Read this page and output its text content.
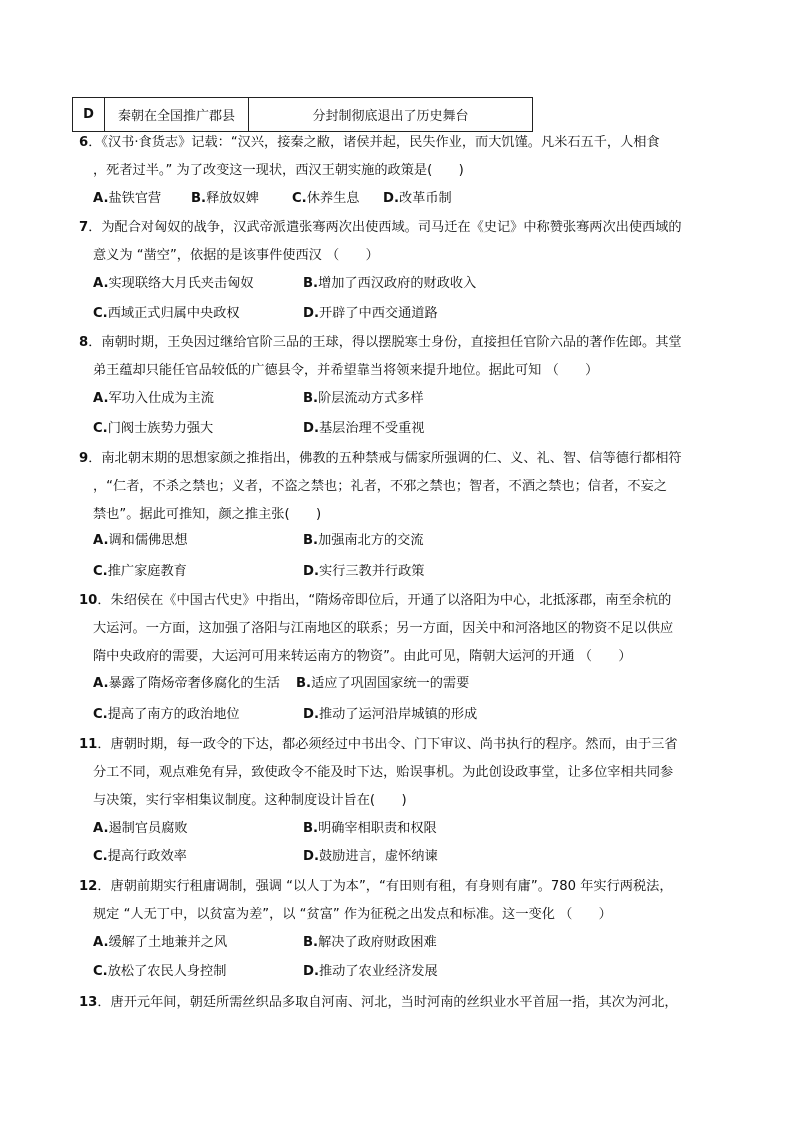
D	秦朝在全国推广郡县	分封制彻底退出了历史舞台
6．《汉书·食货志》记载：“汉兴，接秦之敝，诸侯并起，民失作业，而大饥馑。凡米石五千，人相食
，死者过半。” 为了改变这一现状，西汉王朝实施的政策是(　　)
A.盐铁官营 B.释放奴婢	C.休养生息 D.改革币制
7．为配合对匈奴的战争，汉武帝派遣张骞两次出使西域。司马迁在《史记》中称赞张骞两次出使西域的
意义为 “凿空”，依据的是该事件使西汉 （　　）
A.实现联络大月氏夹击匈奴	B.增加了西汉政府的财政收入
C.西域正式归属中央政权	D.开辟了中西交通道路
8．南朝时期，王奂因过继给官阶三品的王球，得以摆脱寒士身份，直接担任官阶六品的著作佐郎。其堂
弟王蕴却只能任官品较低的广德县令，并希望靠当将领来提升地位。据此可知 （　　）
A.军功入仕成为主流	B.阶层流动方式多样
C.门阀士族势力强大	D.基层治理不受重视
9．南北朝末期的思想家颜之推指出，佛教的五种禁戒与儒家所强调的仁、义、礼、智、信等德行都相符
，“仁者，不杀之禁也；义者，不盗之禁也；礼者，不邪之禁也；智者，不酒之禁也；信者，不妄之
禁也”。据此可推知，颜之推主张(　　)
A.调和儒佛思想	B.加强南北方的交流
C.推广家庭教育	D.实行三教并行政策
10．朱绍侯在《中国古代史》中指出，“隋炀帝即位后，开通了以洛阳为中心，北抵涿郡，南至余杭的
大运河。一方面，这加强了洛阳与江南地区的联系；另一方面，因关中和河洛地区的物资不足以供应
隋中央政府的需要，大运河可用来转运南方的物资”。由此可见，隋朝大运河的开通 （　　）
A.暴露了隋炀帝奢侈腐化的生活 B.适应了巩固国家统一的需要
C.提高了南方的政治地位	D.推动了运河沿岸城镇的形成
11．唐朝时期，每一政令的下达，都必须经过中书出令、门下审议、尚书执行的程序。然而，由于三省
分工不同，观点难免有异，致使政令不能及时下达，贻误事机。为此创设政事堂，让多位宰相共同参
与决策，实行宰相集议制度。这种制度设计旨在(　　)
A.遏制官员腐败	B.明确宰相职责和权限
C.提高行政效率	D.鼓励进言，虚怀纳谏
12．唐朝前期实行租庸调制，强调 “以人丁为本”，“有田则有租，有身则有庸”。780 年实行两税法，
规定 “人无丁中，以贫富为差”，以 “贫富” 作为征税之出发点和标准。这一变化 （　　）
A.缓解了土地兼并之风	B.解决了政府财政困难
C.放松了农民人身控制	D.推动了农业经济发展
13．唐开元年间，朝廷所需丝织品多取自河南、河北，当时河南的丝织业水平首屈一指，其次为河北，
